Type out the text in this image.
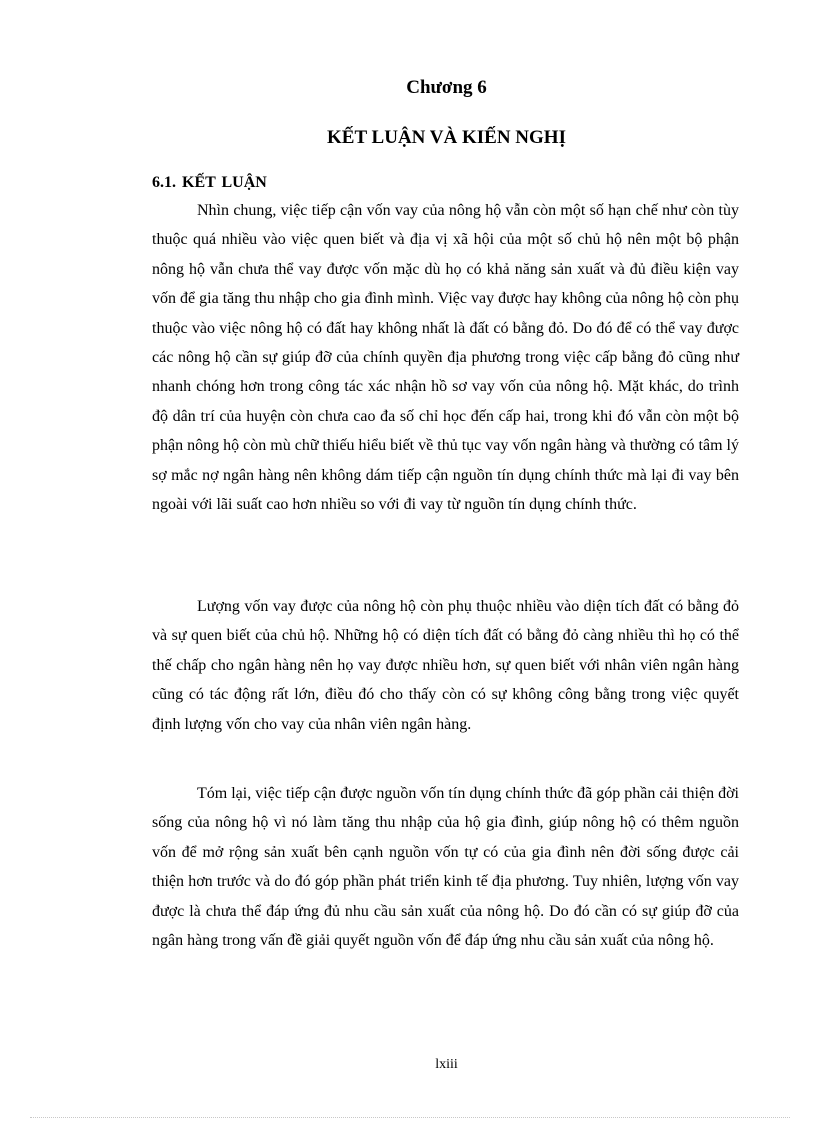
Chương 6
KẾT LUẬN VÀ KIẾN NGHỊ
6.1. KẾT LUẬN

Nhìn chung, việc tiếp cận vốn vay của nông hộ vẫn còn một số hạn chế như còn tùy thuộc quá nhiều vào việc quen biết và địa vị xã hội của một số chủ hộ nên một bộ phận nông hộ vẫn chưa thể vay được vốn mặc dù họ có khả năng sản xuất và đủ điều kiện vay vốn để gia tăng thu nhập cho gia đình mình. Việc vay được hay không của nông hộ còn phụ thuộc vào việc nông hộ có đất hay không nhất là đất có bằng đỏ. Do đó để có thể vay được các nông hộ cần sự giúp đỡ của chính quyền địa phương trong việc cấp bằng đỏ cũng như nhanh chóng hơn trong công tác xác nhận hồ sơ vay vốn của nông hộ. Mặt khác, do trình độ dân trí của huyện còn chưa cao đa số chỉ học đến cấp hai, trong khi đó vẫn còn một bộ phận nông hộ còn mù chữ thiếu hiểu biết về thủ tục vay vốn ngân hàng và thường có tâm lý sợ mắc nợ ngân hàng nên không dám tiếp cận nguồn tín dụng chính thức mà lại đi vay bên ngoài với lãi suất cao hơn nhiều so với đi vay từ nguồn tín dụng chính thức.

Lượng vốn vay được của nông hộ còn phụ thuộc nhiều vào diện tích đất có bằng đỏ và sự quen biết của chủ hộ. Những hộ có diện tích đất có bằng đỏ càng nhiều thì họ có thể thế chấp cho ngân hàng nên họ vay được nhiều hơn, sự quen biết với nhân viên ngân hàng cũng có tác động rất lớn, điều đó cho thấy còn có sự không công bằng trong việc quyết định lượng vốn cho vay của nhân viên ngân hàng.

Tóm lại, việc tiếp cận được nguồn vốn tín dụng chính thức đã góp phần cải thiện đời sống của nông hộ vì nó làm tăng thu nhập của hộ gia đình, giúp nông hộ có thêm nguồn vốn để mở rộng sản xuất bên cạnh nguồn vốn tự có của gia đình nên đời sống được cải thiện hơn trước và do đó góp phần phát triển kinh tế địa phương. Tuy nhiên, lượng vốn vay được là chưa thể đáp ứng đủ nhu cầu sản xuất của nông hộ. Do đó cần có sự giúp đỡ của ngân hàng trong vấn đề giải quyết nguồn vốn để đáp ứng nhu cầu sản xuất của nông hộ.

lxiii
